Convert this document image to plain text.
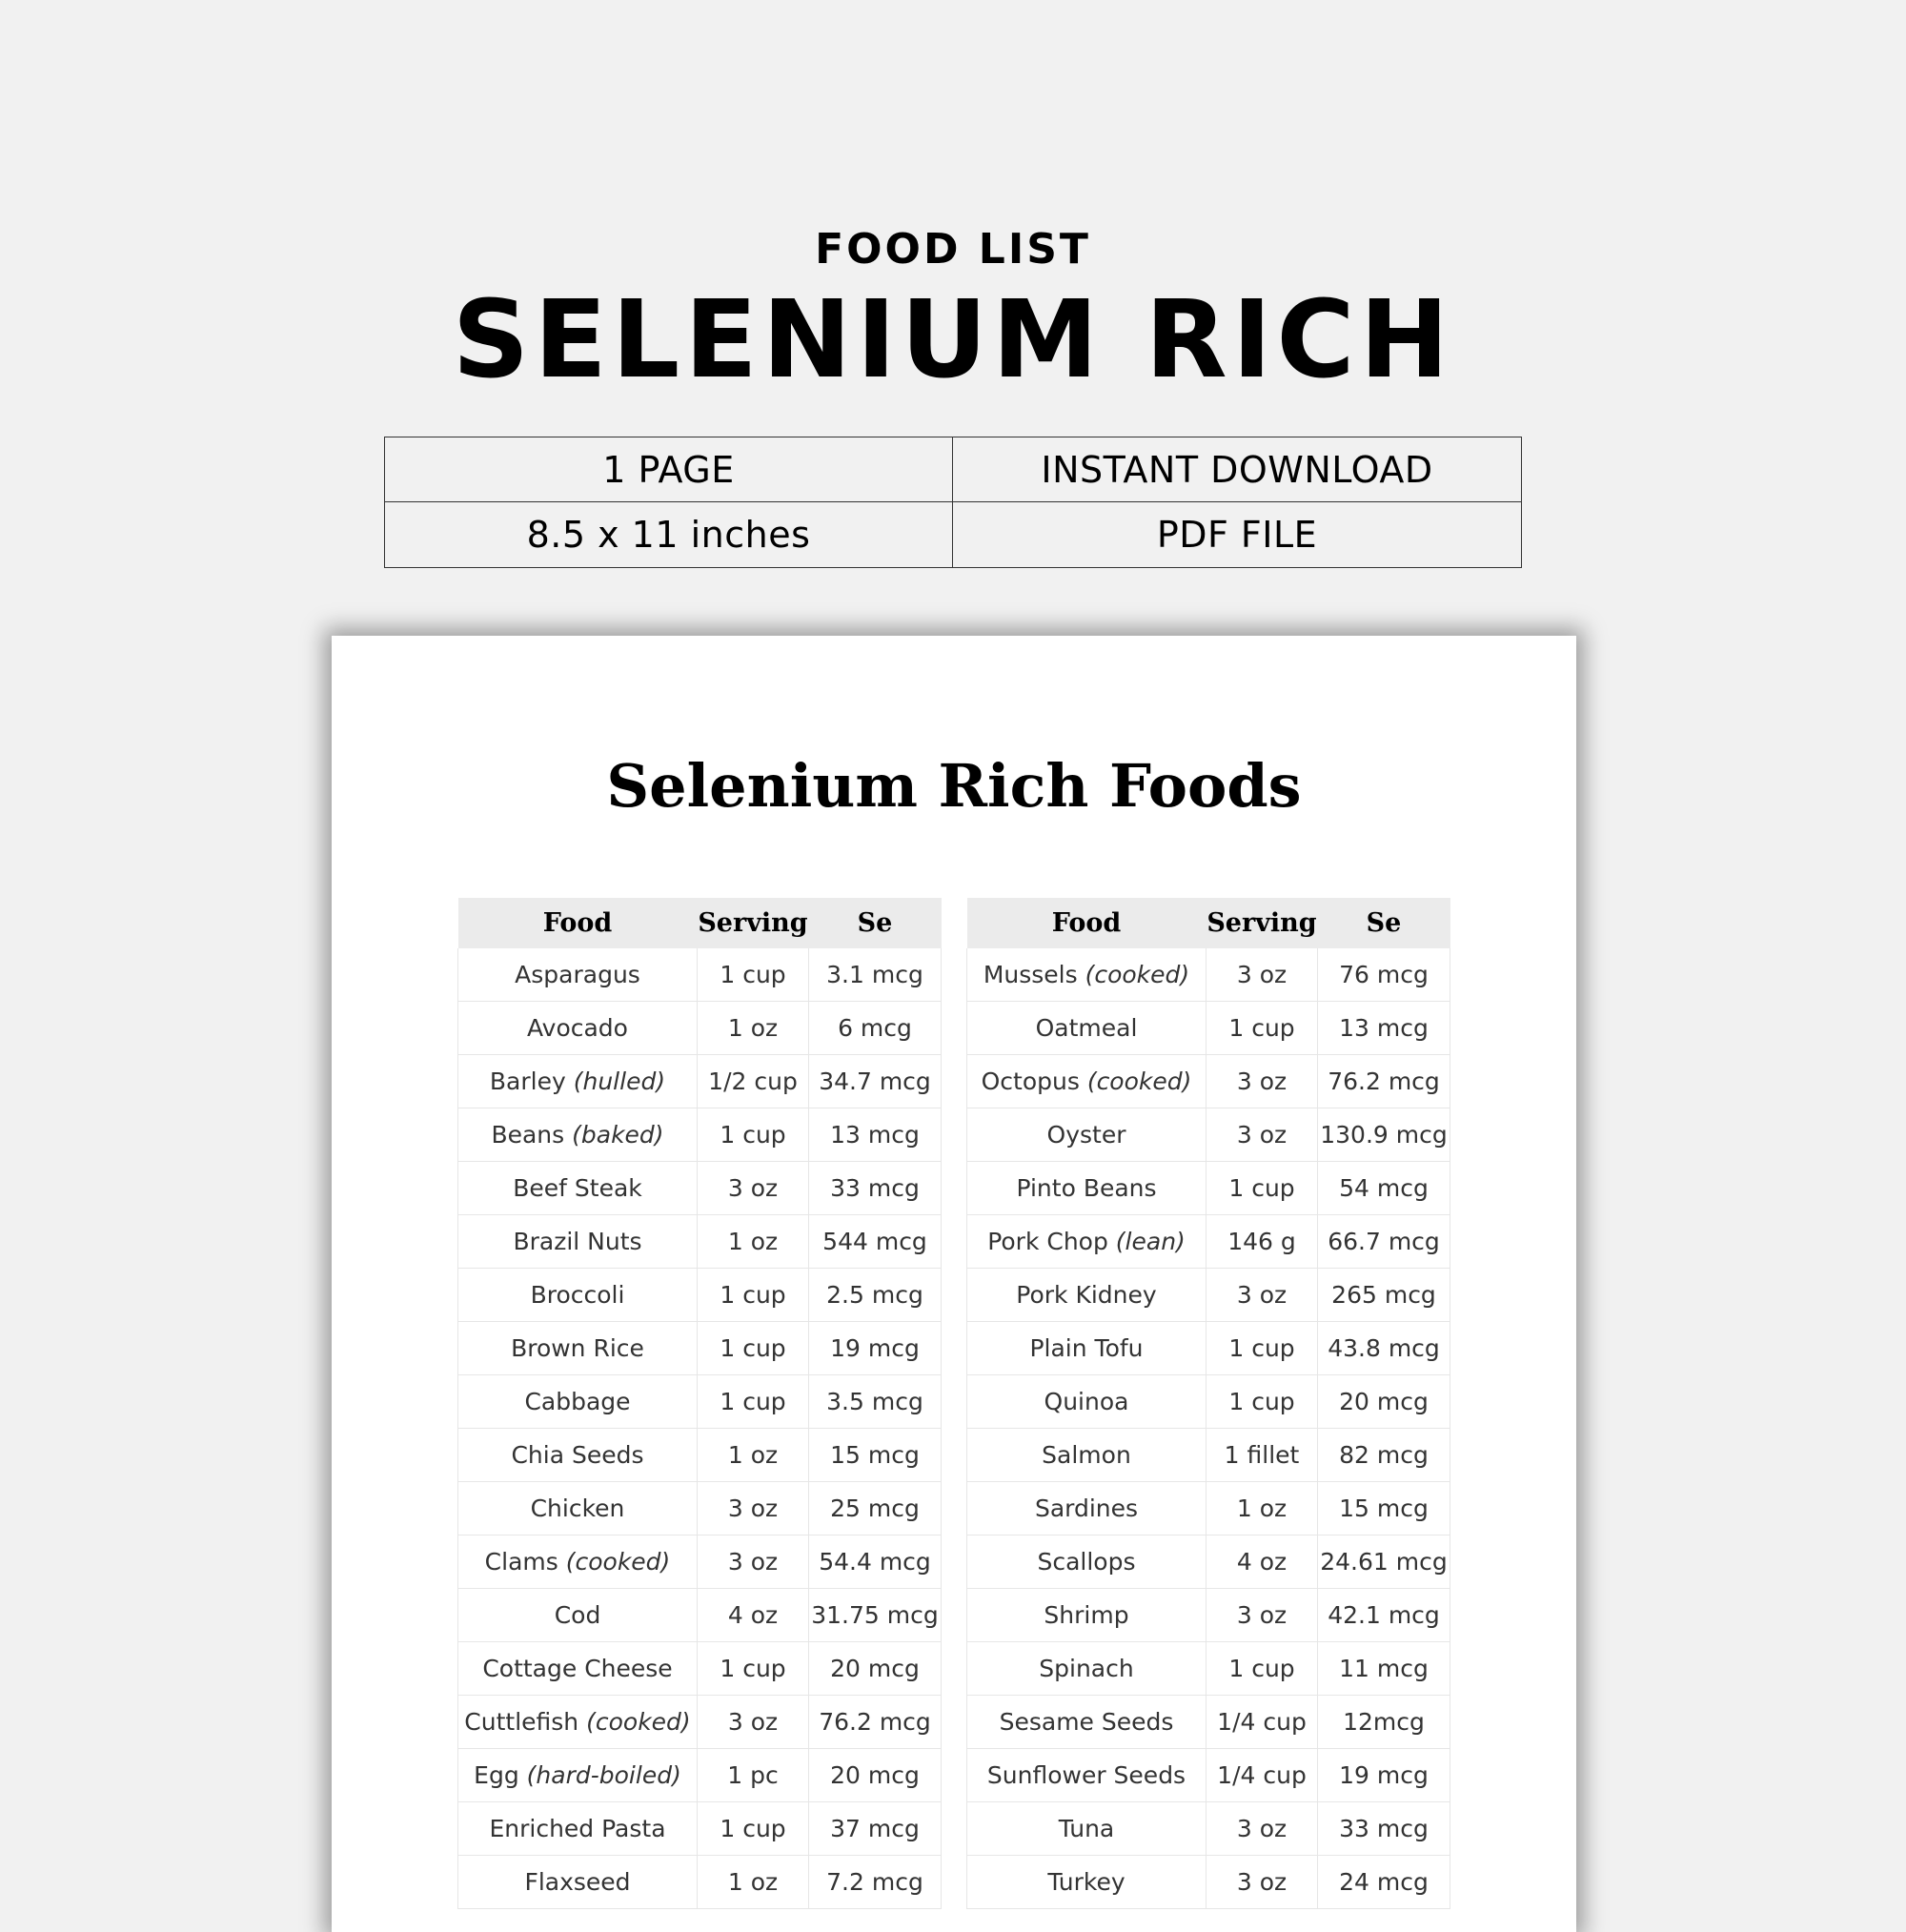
FOOD LIST
SELENIUM RICH
1 PAGE	INSTANT DOWNLOAD
8.5 x 11 inches	PDF FILE
Selenium Rich Foods
Food	Serving	Se
Asparagus	1 cup	3.1 mcg
Avocado	1 oz	6 mcg
Barley (hulled)	1/2 cup	34.7 mcg
Beans (baked)	1 cup	13 mcg
Beef Steak	3 oz	33 mcg
Brazil Nuts	1 oz	544 mcg
Broccoli	1 cup	2.5 mcg
Brown Rice	1 cup	19 mcg
Cabbage	1 cup	3.5 mcg
Chia Seeds	1 oz	15 mcg
Chicken	3 oz	25 mcg
Clams (cooked)	3 oz	54.4 mcg
Cod	4 oz	31.75 mcg
Cottage Cheese	1 cup	20 mcg
Cuttlefish (cooked)	3 oz	76.2 mcg
Egg (hard-boiled)	1 pc	20 mcg
Enriched Pasta	1 cup	37 mcg
Flaxseed	1 oz	7.2 mcg
Food	Serving	Se
Mussels (cooked)	3 oz	76 mcg
Oatmeal	1 cup	13 mcg
Octopus (cooked)	3 oz	76.2 mcg
Oyster	3 oz	130.9 mcg
Pinto Beans	1 cup	54 mcg
Pork Chop (lean)	146 g	66.7 mcg
Pork Kidney	3 oz	265 mcg
Plain Tofu	1 cup	43.8 mcg
Quinoa	1 cup	20 mcg
Salmon	1 fillet	82 mcg
Sardines	1 oz	15 mcg
Scallops	4 oz	24.61 mcg
Shrimp	3 oz	42.1 mcg
Spinach	1 cup	11 mcg
Sesame Seeds	1/4 cup	12mcg
Sunflower Seeds	1/4 cup	19 mcg
Tuna	3 oz	33 mcg
Turkey	3 oz	24 mcg
